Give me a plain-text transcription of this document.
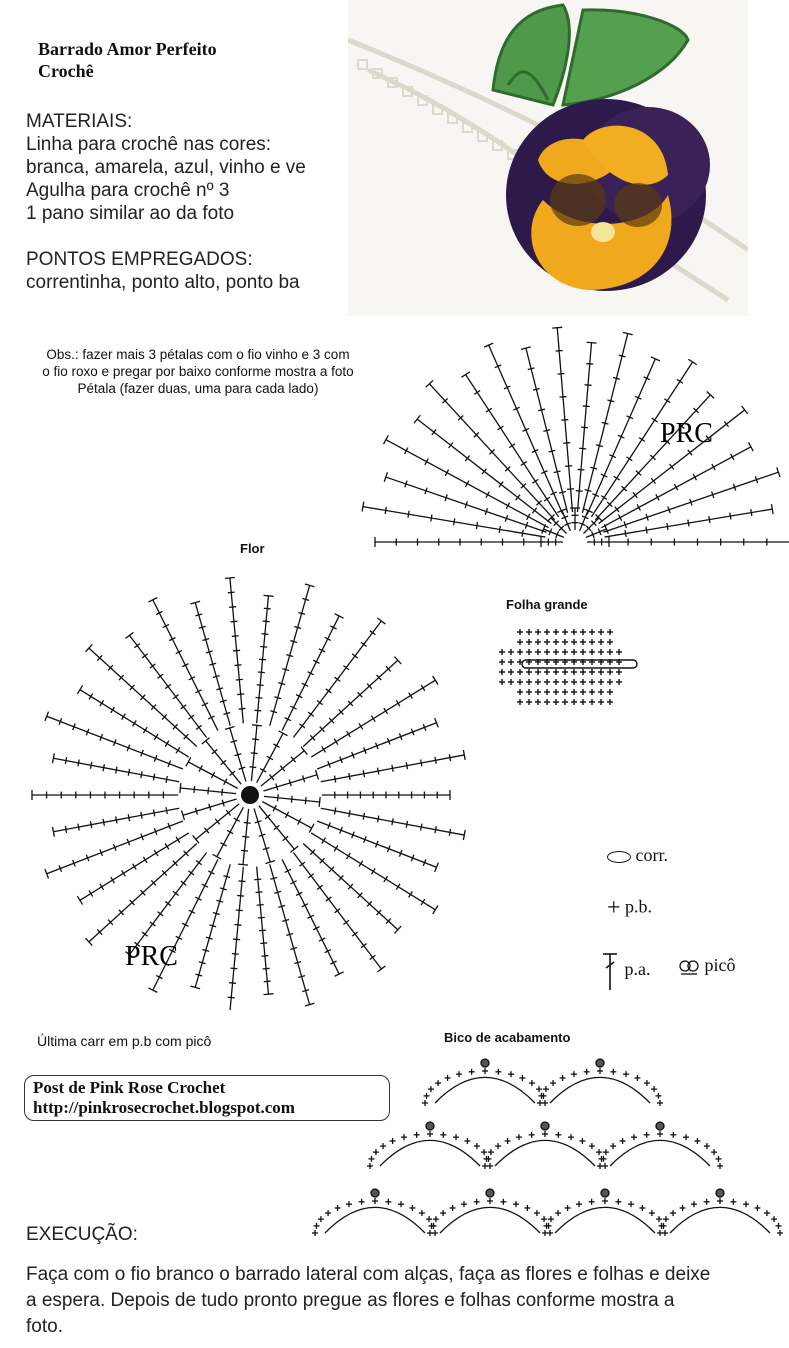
Barrado Amor Perfeito
Crochê
MATERIAIS:
Linha para crochê nas cores:
branca, amarela, azul, vinho e ve
Agulha para crochê nº 3
1 pano similar ao da foto
PONTOS EMPREGADOS:
correntinha, ponto alto, ponto ba
Obs.: fazer mais 3 pétalas com o fio vinho e 3 com
o fio roxo e pregar por baixo conforme mostra a foto
Pétala (fazer duas, uma para cada lado)
PRC
Flor
PRC
Folha grande
corr.
+ p.b.
p.a.	picô
Última carr em p.b com picô	Bico de acabamento
Post de Pink Rose Crochet
http://pinkrosecrochet.blogspot.com
EXECUÇÃO:
Faça com o fio branco o barrado lateral com alças, faça as flores e folhas e deixe a espera. Depois de tudo pronto pregue as flores e folhas conforme mostra a foto.
